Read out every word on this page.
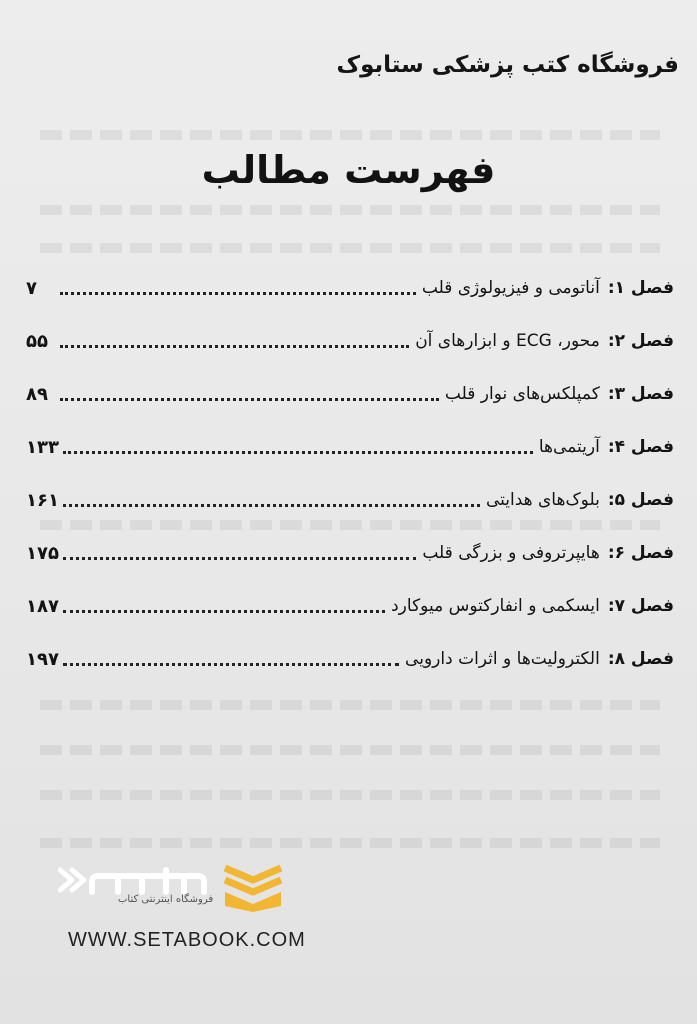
فروشگاه کتب پزشکی ستابوک
فهرست مطالب
فصل ۱:
آناتومی و فیزیولوژی قلب
۷
فصل ۲:
محور، ECG و ابزارهای آن
۵۵
فصل ۳:
کمپلکس‌های نوار قلب
۸۹
فصل ۴:
آریتمی‌ها
۱۳۳
فصل ۵:
بلوک‌های هدایتی
۱۶۱
فصل ۶:
هایپرتروفی و بزرگی قلب
۱۷۵
فصل ۷:
ایسکمی و انفارکتوس میوکارد
۱۸۷
فصل ۸:
الکترولیت‌ها و اثرات دارویی
۱۹۷
فروشگاه اینترنتی کتاب
WWW.SETABOOK.COM
